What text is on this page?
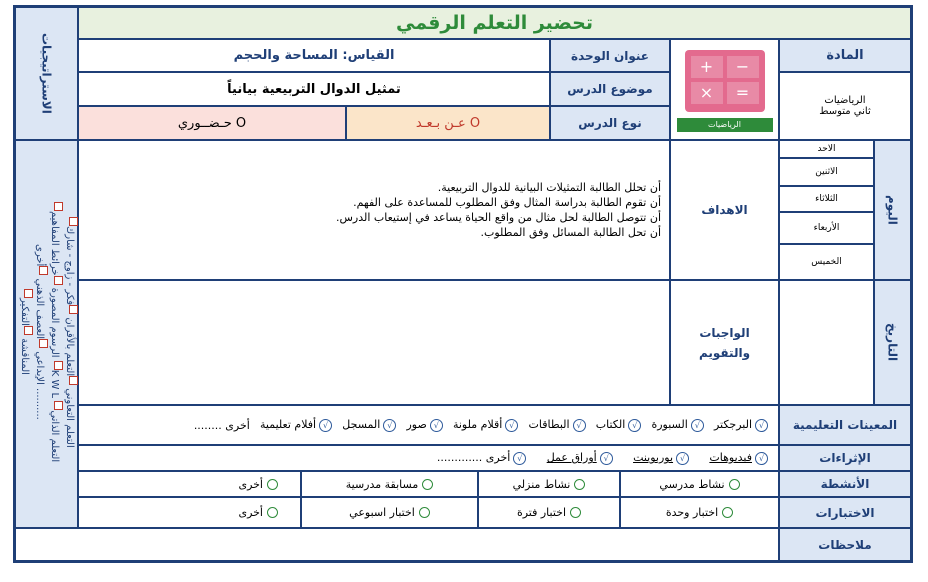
تحضير التعلم الرقمي
الاستراتيجيات
التعلم التعاوني التعلم بالأقران فكر - زاوج - شارك
الرسوم المصورة خرائط المفاهيم K W L التعلم الذاتي
الإبداعي العصف الذهني أخرى ..........
المناقشة التفكير
المادة
الرياضيات
ثاني متوسط
+	−
×	=
الرياضيات
عنوان الوحدة
موضوع الدرس
نوع الدرس
القياس: المساحة والحجم
تمثيل الدوال التربيعية بيانياً
عـن بـعـد O
حـضــوري O
اليوم
الاحد
الاثنين
الثلاثاء
الأربعاء
الخميس
التاريخ
الاهداف
أن تحلل الطالبة التمثيلات البيانية للدوال التربيعية.
أن تقوم الطالبة بدراسة المثال وفق المطلوب للمساعدة على الفهم.
أن تتوصل الطالبة لحل مثال من واقع الحياة يساعد في إستيعاب الدرس.
أن تحل الطالبة المسائل وفق المطلوب.
الواجبات
والتقويم
المعينات التعليمية
√البرجكتر

√السبورة

√الكتاب

√البطاقات

√أقلام ملونة

√صور

√المسجل

√أفلام تعليمية

أخرى ........
الإثراءات
√فيديوهات

√بوربوينت

√أوراق عمل

√أخرى .............
الأنشطة
نشاط مدرسي
نشاط منزلي
مسابقة مدرسية
أخرى
الاختبارات
اختبار وحدة
اختبار فترة
اختبار اسبوعي
أخرى
ملاحظات
